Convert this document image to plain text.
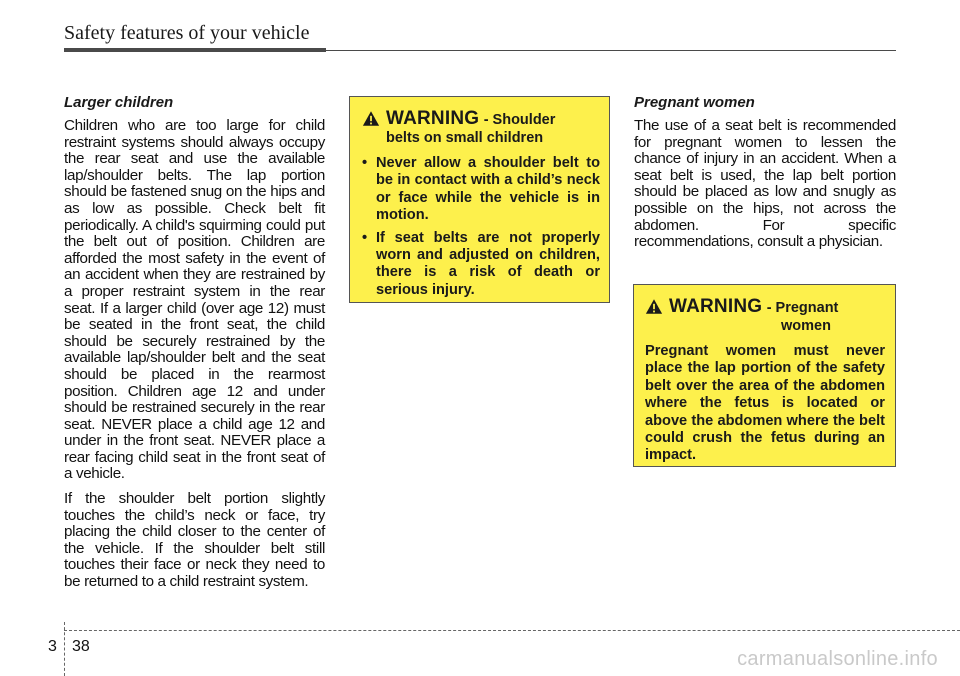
Safety features of your vehicle
Larger children

Children who are too large for child restraint systems should always occupy the rear seat and use the available lap/shoulder belts. The lap portion should be fastened snug on the hips and as low as possible. Check belt fit periodically. A child's squirming could put the belt out of position. Children are afforded the most safety in the event of an accident when they are restrained by a proper restraint system in the rear seat. If a larger child (over age 12) must be seated in the front seat, the child should be securely restrained by the available lap/shoulder belt and the seat should be placed in the rearmost position. Children age 12 and under should be restrained securely in the rear seat. NEVER place a child age 12 and under in the front seat. NEVER place a rear facing child seat in the front seat of a vehicle.

If the shoulder belt portion slightly touches the child’s neck or face, try placing the child closer to the center of the vehicle. If the shoulder belt still touches their face or neck they need to be returned to a child restraint system.

WARNING - Shoulder
belts on small children
• Never allow a shoulder belt to be in contact with a child’s neck or face while the vehicle is in motion.
• If seat belts are not properly worn and adjusted on children, there is a risk of death or serious injury.
Pregnant women

The use of a seat belt is recommended for pregnant women to lessen the chance of injury in an accident. When a seat belt is used, the lap belt portion should be placed as low and snugly as possible on the hips, not across the abdomen. For specific recommendations, consult a physician.

WARNING - Pregnant
women
Pregnant women must never place the lap portion of the safety belt over the area of the abdomen where the fetus is located or above the abdomen where the belt could crush the fetus during an impact.
3 38
carmanualsonline.info
